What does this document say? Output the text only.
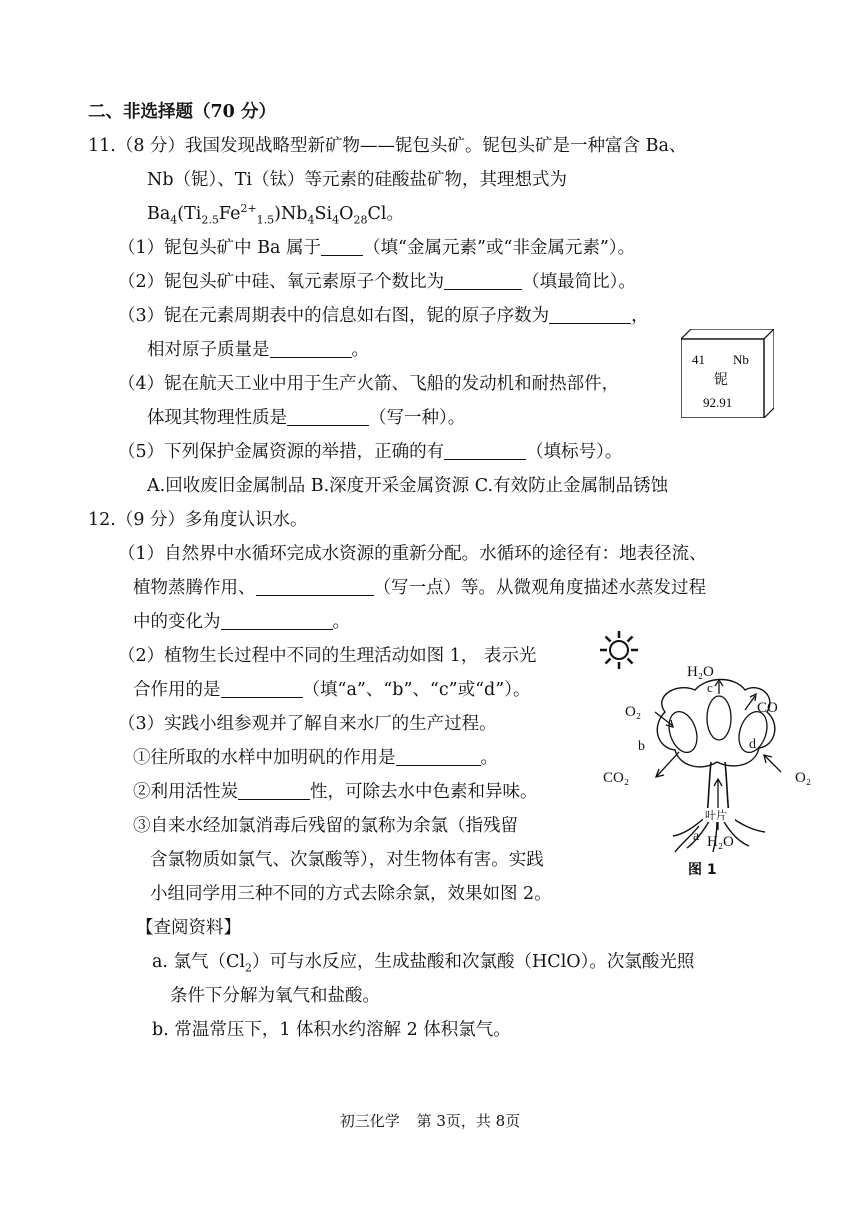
二、非选择题（70 分）
11.（8 分）我国发现战略型新矿物——铌包头矿。铌包头矿是一种富含 Ba、
Nb（铌）、Ti（钛）等元素的硅酸盐矿物，其理想式为
$Ba_4(Ti_{2.5}Fe^{2+}_{1.5})Nb_4Si_4O_{28}Cl$。
（1）铌包头矿中 Ba 属于 （填“金属元素”或“非金属元素”）。
（2）铌包头矿中硅、氧元素原子个数比为	（填最简比）。
（3）铌在元素周期表中的信息如右图，铌的原子序数为	，
相对原子质量是	。
（4）铌在航天工业中用于生产火箭、飞船的发动机和耐热部件，
体现其物理性质是	（写一种）。
（5）下列保护金属资源的举措，正确的有	（填标号）。
A.回收废旧金属制品 B.深度开采金属资源 C.有效防止金属制品锈蚀
41 Nb
铌
92.91
12.（9 分）多角度认识水。
（1）自然界中水循环完成水资源的重新分配。水循环的途径有：地表径流、
植物蒸腾作用、	（写一点）等。从微观角度描述水蒸发过程
中的变化为	。
（2）植物生长过程中不同的生理活动如图 1， 表示光
合作用的是	（填“a”、“b”、“c”或“d”）。
（3）实践小组参观并了解自来水厂的生产过程。
①往所取的水样中加明矾的作用是	。
②利用活性炭	性，可除去水中色素和异味。
③自来水经加氯消毒后残留的氯称为余氯（指残留
含氯物质如氯气、次氯酸等），对生物体有害。实践
小组同学用三种不同的方式去除余氯，效果如图 2。
【查阅资料】
a. 氯气$(Cl_2)$可与水反应，生成盐酸和次氯酸（HClO）。次氯酸光照
条件下分解为氧气和盐酸。
b. 常温常压下，1 体积水约溶解 2 体积氯气。
叶片
H₂O
c
O₂	CO
b	d
CO₂	O₂
a H₂O
图 1
初三化学 第 3页，共 8页
